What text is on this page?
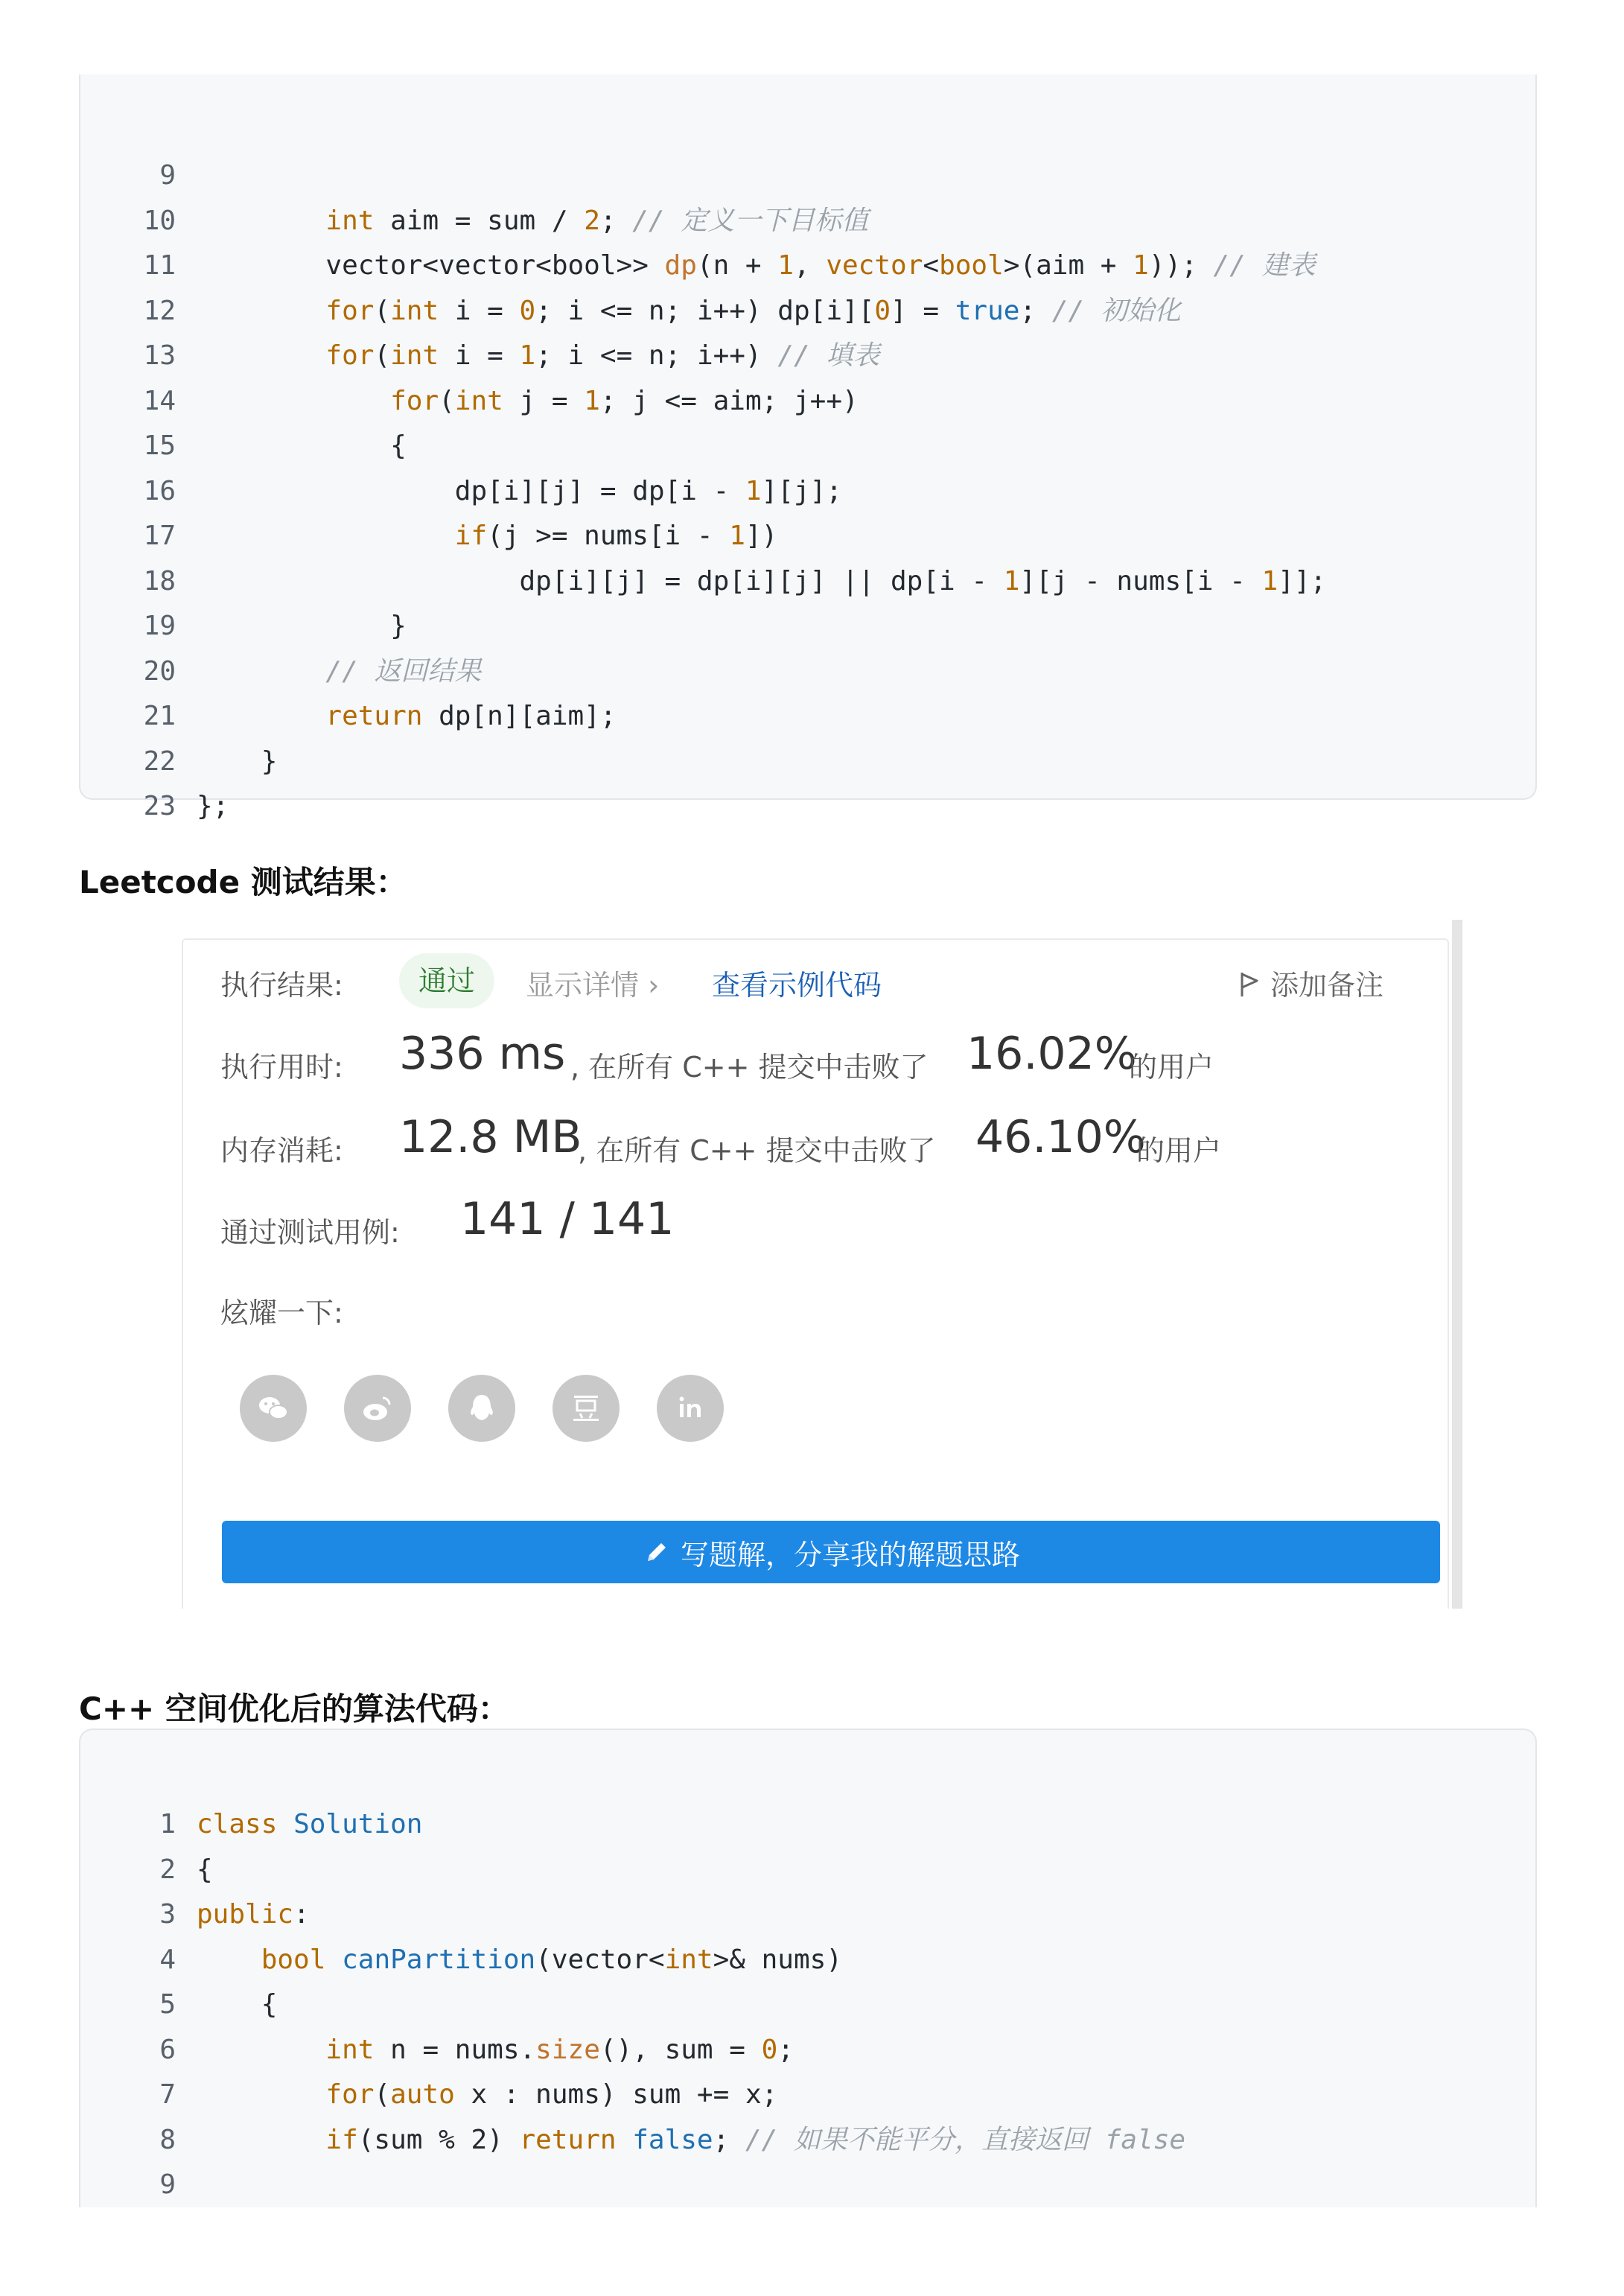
9
10	int aim = sum / 2; // 定义一下目标值
11 vector<vector<bool>> dp(n + 1, vector<bool>(aim + 1)); // 建表
12	for(int i = 0; i <= n; i++) dp[i][0] = true; // 初始化
13	for(int i = 1; i <= n; i++) // 填表
14	for(int j = 1; j <= aim; j++)
15 {
16 dp[i][j] = dp[i - 1][j];
17	if(j >= nums[i - 1])
18 dp[i][j] = dp[i][j] || dp[i - 1][j - nums[i - 1]];
19 }
20	// 返回结果
21	return dp[n][aim];
22 }
23 };
Leetcode 测试结果：
执行结果:	通过	显示详情 › 查看示例代码	添加备注
执行用时: 336 ms , 在所有 C++ 提交中击败了 16.02%
的用户
内存消耗: 12.8 MB
, 在所有 C++ 提交中击败了 46.10%
的用户
通过测试用例: 141 / 141
炫耀一下:
写题解，分享我的解题思路
C++ 空间优化后的算法代码：
1 class Solution
2 {
3 public:
4	bool canPartition(vector<int>& nums)
5 {
6	int n = nums.size(), sum = 0;
7	for(auto x : nums) sum += x;
8	if(sum % 2) return false; // 如果不能平分，直接返回 false
9
